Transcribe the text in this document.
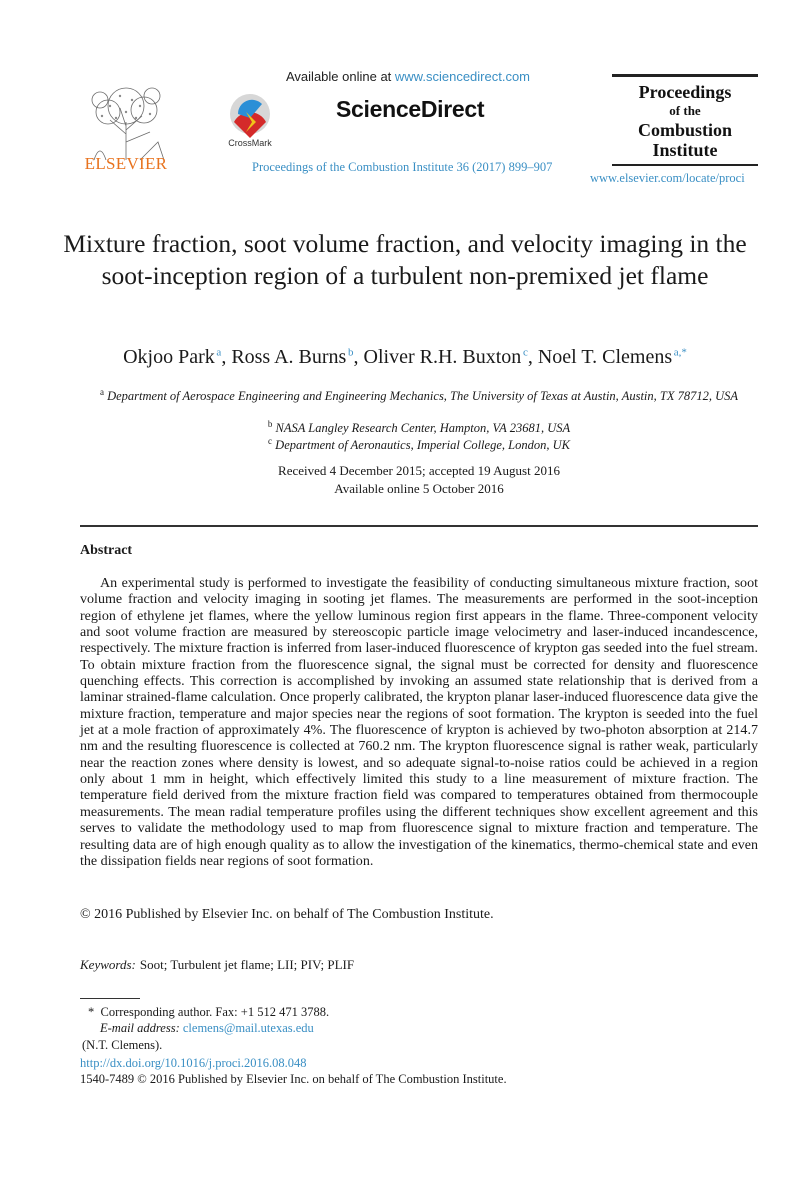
ELSEVIER
Available online at www.sciencedirect.com
CrossMark
ScienceDirect
Proceedings of the Combustion Institute 36 (2017) 899–907
Proceedings
of the
Combustion
Institute
www.elsevier.com/locate/proci
Mixture fraction, soot volume fraction, and velocity imaging in the soot-inception region of a turbulent non-premixed jet flame
Okjoo Park  $^a$, Ross A. Burns  $^b$, Oliver R.H. Buxton  $^c$, Noel T. Clemens  $^{a,*}$
$^a$ Department of Aerospace Engineering and Engineering Mechanics, The University of Texas at Austin, Austin, TX 78712, USA
$^b$ NASA Langley Research Center, Hampton, VA 23681, USA
$^c$ Department of Aeronautics, Imperial College, London, UK
Received 4 December 2015; accepted 19 August 2016
Available online 5 October 2016
Abstract

An experimental study is performed to investigate the feasibility of conducting simultaneous mixture fraction, soot volume fraction and velocity imaging in sooting jet flames. The measurements are performed in the soot-inception region of ethylene jet flames, where the yellow luminous region first appears in the flame. Three-component velocity and soot volume fraction are measured by stereoscopic particle image velocimetry and laser-induced incandescence, respectively. The mixture fraction is inferred from laser-induced fluorescence of krypton gas seeded into the fuel stream. To obtain mixture fraction from the fluorescence signal, the signal must be corrected for density and fluorescence quenching effects. This correction is accomplished by invoking an assumed state relationship that is derived from a laminar strained-flame calculation. Once properly calibrated, the krypton planar laser-induced fluorescence data give the mixture fraction, temperature and major species near the regions of soot formation. The krypton is seeded into the fuel jet at a mole fraction of approximately 4%. The fluorescence of krypton is achieved by two-photon absorption at 214.7 nm and the resulting fluorescence is collected at 760.2 nm. The krypton fluorescence signal is rather weak, particularly near the reaction zones where density is lowest, and so adequate signal-to-noise ratios could be achieved in a region only about 1 mm in height, which effectively limited this study to a line measurement of mixture fraction. The temperature field derived from the mixture fraction field was compared to temperatures obtained from thermocouple measurements. The mean radial temperature profiles using the different techniques show excellent agreement and this serves to validate the methodology used to map from fluorescence signal to mixture fraction and temperature. The resulting data are of high enough quality as to allow the investigation of the kinematics, thermo-chemical state and even the dissipation fields near regions of soot formation.

© 2016 Published by Elsevier Inc. on behalf of The Combustion Institute.
Keywords: Soot; Turbulent jet flame; LII; PIV; PLIF
*  Corresponding author. Fax: +1 512 471 3788.
E-mail address: clemens@mail.utexas.edu
(N.T. Clemens).
http://dx.doi.org/10.1016/j.proci.2016.08.048
1540-7489 © 2016 Published by Elsevier Inc. on behalf of The Combustion Institute.
